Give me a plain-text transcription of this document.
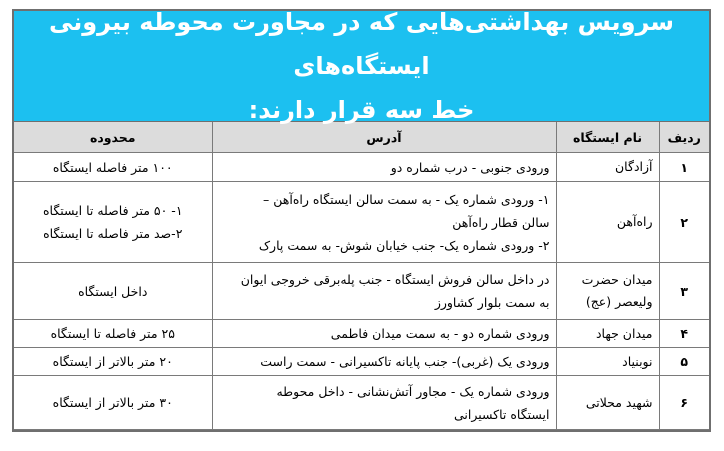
سرویس بهداشتی‌هایی که در مجاورت محوطه بیرونی ایستگاه‌های
خط سه قرار دارند:
ردیف	نام ایستگاه	آدرس	محدوده
۱	آزادگان	ورودی جنوبی - درب شماره دو	۱۰۰ متر فاصله ایستگاه

۲	راه‌آهن	۱- ورودی شماره یک - به سمت سالن ایستگاه راه‌آهن –
سالن قطار راه‌آهن
۲- ورودی شماره یک- جنب خیابان شوش- به سمت پارک	۱- ۵۰ متر فاصله تا ایستگاه
۲-صد متر فاصله تا ایستگاه

۳	میدان حضرت
ولیعصر (عج)	در داخل سالن فروش ایستگاه - جنب پله‌برقی خروجی ایوان
به سمت بلوار کشاورز	داخل ایستگاه

۴	میدان جهاد	ورودی شماره دو - به سمت میدان فاطمی	۲۵ متر فاصله تا ایستگاه

۵	نوبنیاد	ورودی یک (غربی)- جنب پایانه تاکسیرانی - سمت راست	۲۰ متر بالاتر از ایستگاه

۶	شهید محلاتی	ورودی شماره یک - مجاور آتش‌نشانی - داخل محوطه
ایستگاه تاکسیرانی	۳۰ متر بالاتر از ایستگاه
